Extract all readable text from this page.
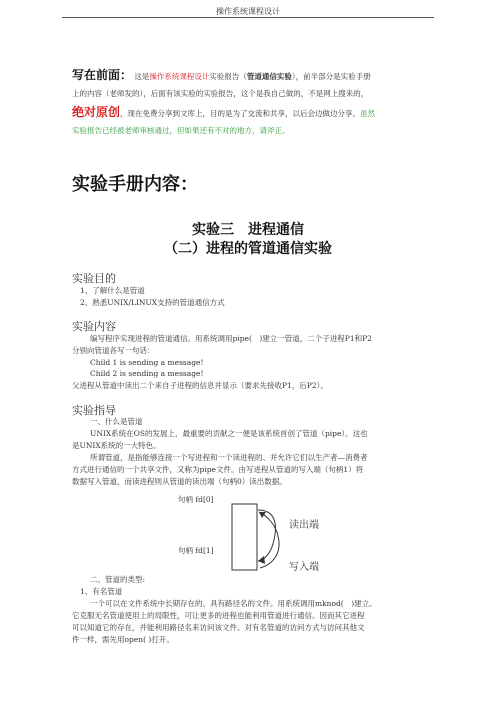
操作系统课程设计
写在前面： 这是操作系统课程设计实验报告（管道通信实验），前半部分是实验手册
上的内容（老师发的），后面有该实验的实验报告，这个是我自己做的，不是网上搜来的，
绝对原创，现在免费分享到文库上，目的是为了交流和共享，以后会边做边分享。虽然
实验报告已经被老师审核通过，但如果还有不对的地方，请斧正。
实验手册内容：
实验三　进程通信
（二）进程的管道通信实验
实验目的
1、了解什么是管道
2、熟悉UNIX/LINUX支持的管道通信方式
实验内容
编写程序实现进程的管道通信。用系统调用pipe(　)建立一管道，二个子进程P1和P2
分别向管道各写一句话：
Child 1 is sending a message!
Child 2 is sending a message!
父进程从管道中读出二个来自子进程的信息并显示（要求先接收P1，后P2）。
实验指导
一、什么是管道
UNIX系统在OS的发展上，最重要的贡献之一便是该系统首创了管道（pipe）。这也
是UNIX系统的一大特色。
所谓管道，是指能够连接一个写进程和一个读进程的、并允许它们以生产者—消费者
方式进行通信的一个共享文件，又称为pipe文件。由写进程从管道的写入端（句柄1）将
数据写入管道，而读进程则从管道的读出端（句柄0）读出数据。
句柄 fd[0]
句柄 fd[1]
读出端
写入端
二、管道的类型:
1、有名管道
一个可以在文件系统中长期存在的、具有路径名的文件。用系统调用mknod(　)建立。
它克服无名管道使用上的局限性，可让更多的进程也能利用管道进行通信。因而其它进程
可以知道它的存在，并能利用路径名来访问该文件。对有名管道的访问方式与访问其他文
件一样，需先用open( )打开。
